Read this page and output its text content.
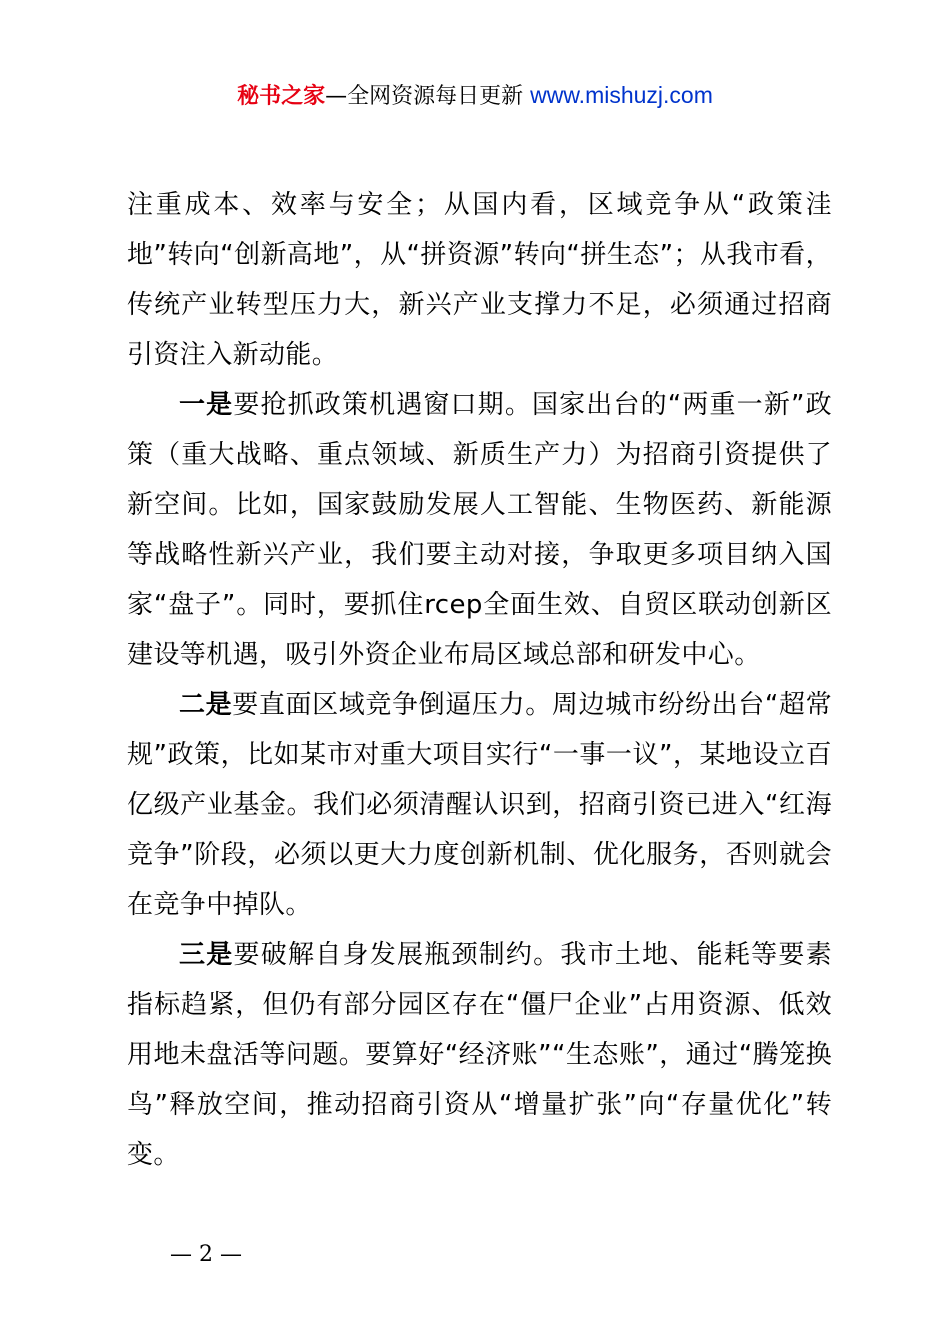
秘书之家—全网资源每日更新 www.mishuzj.com

注重成本、效率与安全；从国内看，区域竞争从“政策洼地”转向“创新高地”，从“拼资源”转向“拼生态”；从我市看，传统产业转型压力大，新兴产业支撑力不足，必须通过招商引资注入新动能。

一是要抢抓政策机遇窗口期。国家出台的“两重一新”政策（重大战略、重点领域、新质生产力）为招商引资提供了新空间。比如，国家鼓励发展人工智能、生物医药、新能源等战略性新兴产业，我们要主动对接，争取更多项目纳入国家“盘子”。同时，要抓住rcep全面生效、自贸区联动创新区建设等机遇，吸引外资企业布局区域总部和研发中心。

二是要直面区域竞争倒逼压力。周边城市纷纷出台“超常规”政策，比如某市对重大项目实行“一事一议”，某地设立百亿级产业基金。我们必须清醒认识到，招商引资已进入“红海竞争”阶段，必须以更大力度创新机制、优化服务，否则就会在竞争中掉队。

三是要破解自身发展瓶颈制约。我市土地、能耗等要素指标趋紧，但仍有部分园区存在“僵尸企业”占用资源、低效用地未盘活等问题。要算好“经济账”“生态账”，通过“腾笼换鸟”释放空间，推动招商引资从“增量扩张”向“存量优化”转变。

— 2 —
